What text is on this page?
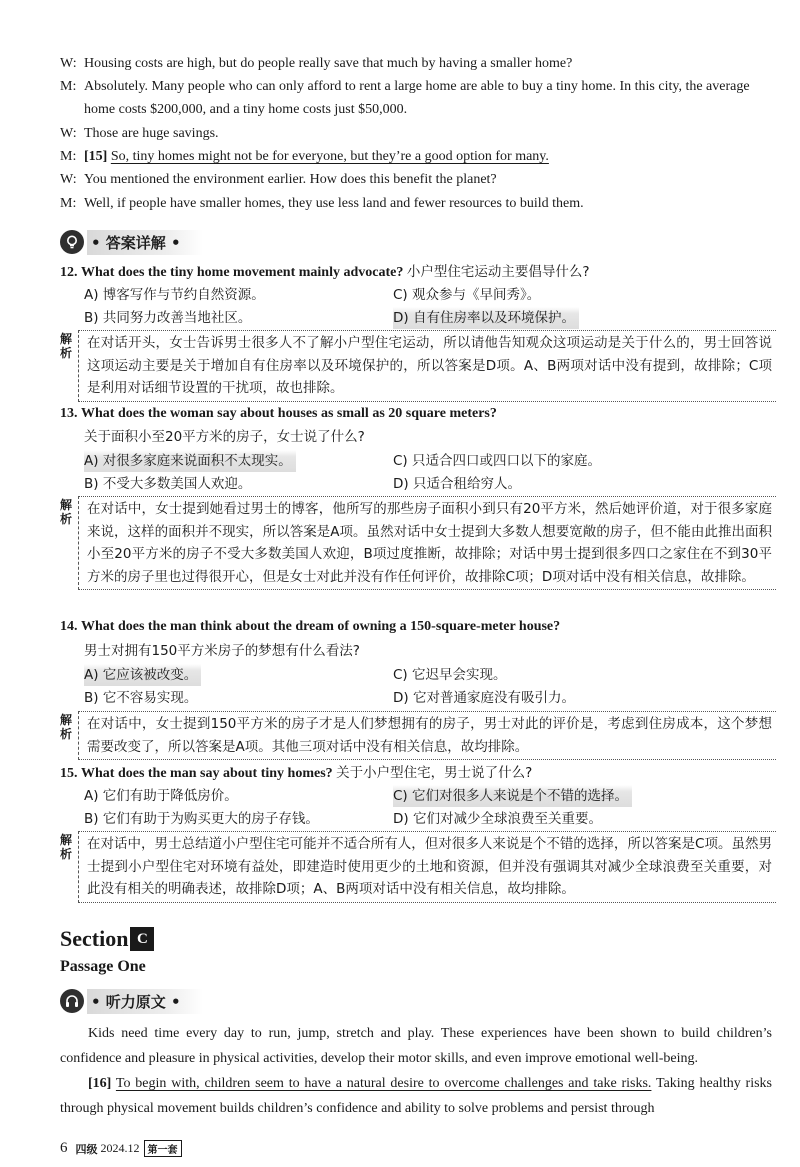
W: Housing costs are high, but do people really save that much by having a smaller home?
M: Absolutely. Many people who can only afford to rent a large home are able to buy a tiny home. In this city, the average home costs $200,000, and a tiny home costs just $50,000.
W: Those are huge savings.
M: [15] So, tiny homes might not be for everyone, but they’re a good option for many.
W: You mentioned the environment earlier. How does this benefit the planet?
M: Well, if people have smaller homes, they use less land and fewer resources to build them.
• 答案详解 •
12. What does the tiny home movement mainly advocate? 小户型住宅运动主要倡导什么?
A) 博客写作与节约自然资源。	C) 观众参与《早间秀》。
B) 共同努力改善当地社区。	D) 自有住房率以及环境保护。
解析
在对话开头，女士告诉男士很多人不了解小户型住宅运动，所以请他告知观众这项运动是关于什么的，男士回答说这项运动主要是关于增加自有住房率以及环境保护的，所以答案是D项。A、B两项对话中没有提到，故排除；C项是利用对话细节设置的干扰项，故也排除。
13. What does the woman say about houses as small as 20 square meters?
关于面积小至20平方米的房子，女士说了什么?
A) 对很多家庭来说面积不太现实。	C) 只适合四口或四口以下的家庭。
B) 不受大多数美国人欢迎。	D) 只适合租给穷人。
解析
在对话中，女士提到她看过男士的博客，他所写的那些房子面积小到只有20平方米，然后她评价道，对于很多家庭来说，这样的面积并不现实，所以答案是A项。虽然对话中女士提到大多数人想要宽敞的房子，但不能由此推出面积小至20平方米的房子不受大多数美国人欢迎，B项过度推断，故排除；对话中男士提到很多四口之家住在不到30平方米的房子里也过得很开心，但是女士对此并没有作任何评价，故排除C项；D项对话中没有相关信息，故排除。
14. What does the man think about the dream of owning a 150-square-meter house?
男士对拥有150平方米房子的梦想有什么看法?
A) 它应该被改变。	C) 它迟早会实现。
B) 它不容易实现。	D) 它对普通家庭没有吸引力。
解析
在对话中，女士提到150平方米的房子才是人们梦想拥有的房子，男士对此的评价是，考虑到住房成本，这个梦想需要改变了，所以答案是A项。其他三项对话中没有相关信息，故均排除。
15. What does the man say about tiny homes? 关于小户型住宅，男士说了什么?
A) 它们有助于降低房价。	C) 它们对很多人来说是个不错的选择。
B) 它们有助于为购买更大的房子存钱。	D) 它们对减少全球浪费至关重要。
解析
在对话中，男士总结道小户型住宅可能并不适合所有人，但对很多人来说是个不错的选择，所以答案是C项。虽然男士提到小户型住宅对环境有益处，即建造时使用更少的土地和资源，但并没有强调其对减少全球浪费至关重要，对此没有相关的明确表述，故排除D项；A、B两项对话中没有相关信息，故均排除。
Section C
Passage One
• 听力原文 •
Kids need time every day to run, jump, stretch and play. These experiences have been shown to build children’s confidence and pleasure in physical activities, develop their motor skills, and even improve emotional well-being.
[16] To begin with, children seem to have a natural desire to overcome challenges and take risks. Taking healthy risks through physical movement builds children’s confidence and ability to solve problems and persist through
6 四级
2024.12 第一套
